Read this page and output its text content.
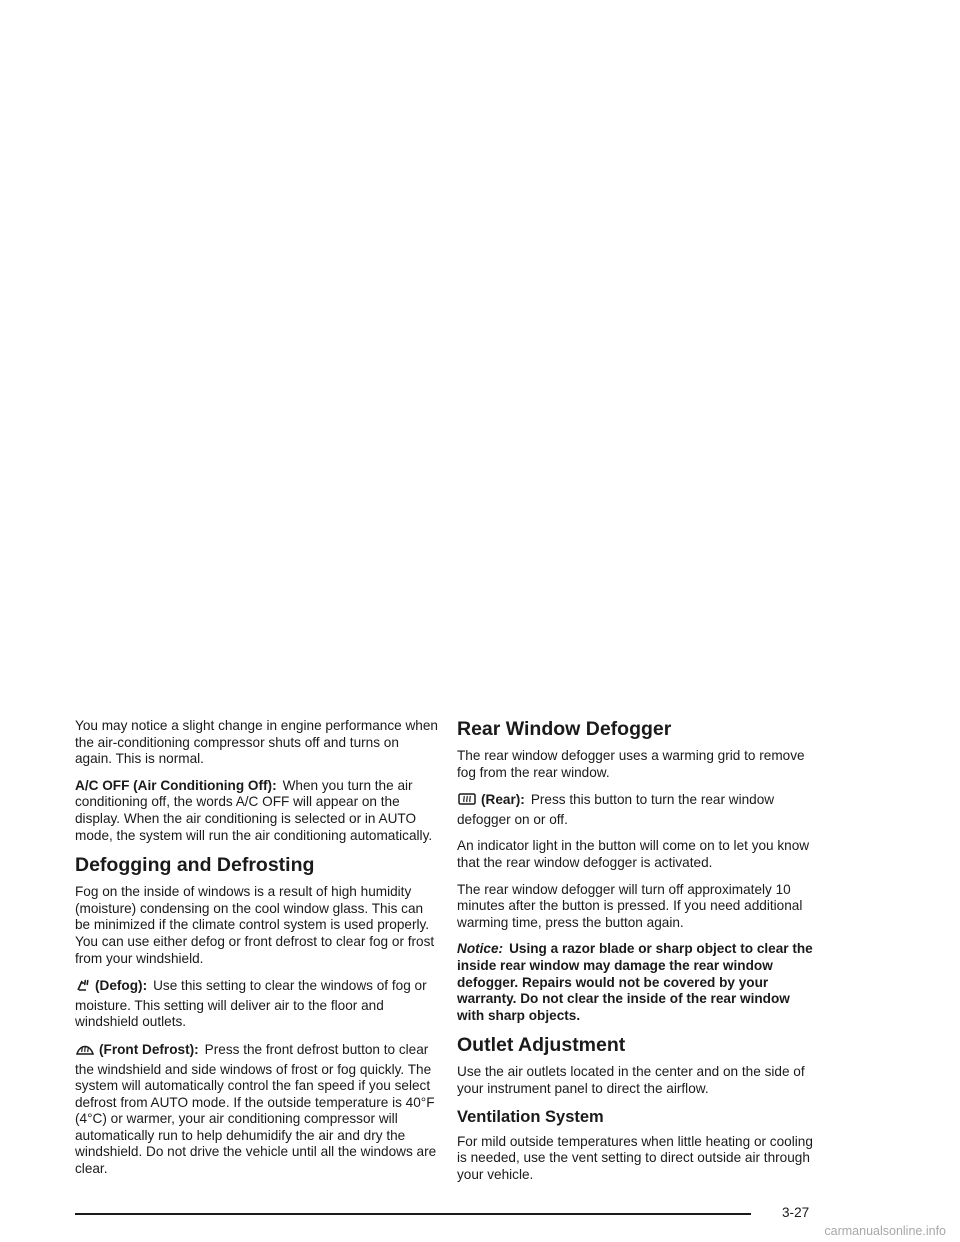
You may notice a slight change in engine performance when the air-conditioning compressor shuts off and turns on again. This is normal.

A/C OFF (Air Conditioning Off): When you turn the air conditioning off, the words A/C OFF will appear on the display. When the air conditioning is selected or in AUTO mode, the system will run the air conditioning automatically.

Defogging and Defrosting

Fog on the inside of windows is a result of high humidity (moisture) condensing on the cool window glass. This can be minimized if the climate control system is used properly. You can use either defog or front defrost to clear fog or frost from your windshield.

(Defog): Use this setting to clear the windows of fog or moisture. This setting will deliver air to the floor and windshield outlets.

(Front Defrost): Press the front defrost button to clear the windshield and side windows of frost or fog quickly. The system will automatically control the fan speed if you select defrost from AUTO mode. If the outside temperature is 40°F (4°C) or warmer, your air conditioning compressor will automatically run to help dehumidify the air and dry the windshield. Do not drive the vehicle until all the windows are clear.

Rear Window Defogger

The rear window defogger uses a warming grid to remove fog from the rear window.

(Rear): Press this button to turn the rear window defogger on or off.

An indicator light in the button will come on to let you know that the rear window defogger is activated.

The rear window defogger will turn off approximately 10 minutes after the button is pressed. If you need additional warming time, press the button again.

Notice: Using a razor blade or sharp object to clear the inside rear window may damage the rear window defogger. Repairs would not be covered by your warranty. Do not clear the inside of the rear window with sharp objects.

Outlet Adjustment

Use the air outlets located in the center and on the side of your instrument panel to direct the airflow.

Ventilation System

For mild outside temperatures when little heating or cooling is needed, use the vent setting to direct outside air through your vehicle.

3-27
carmanualsonline.info
